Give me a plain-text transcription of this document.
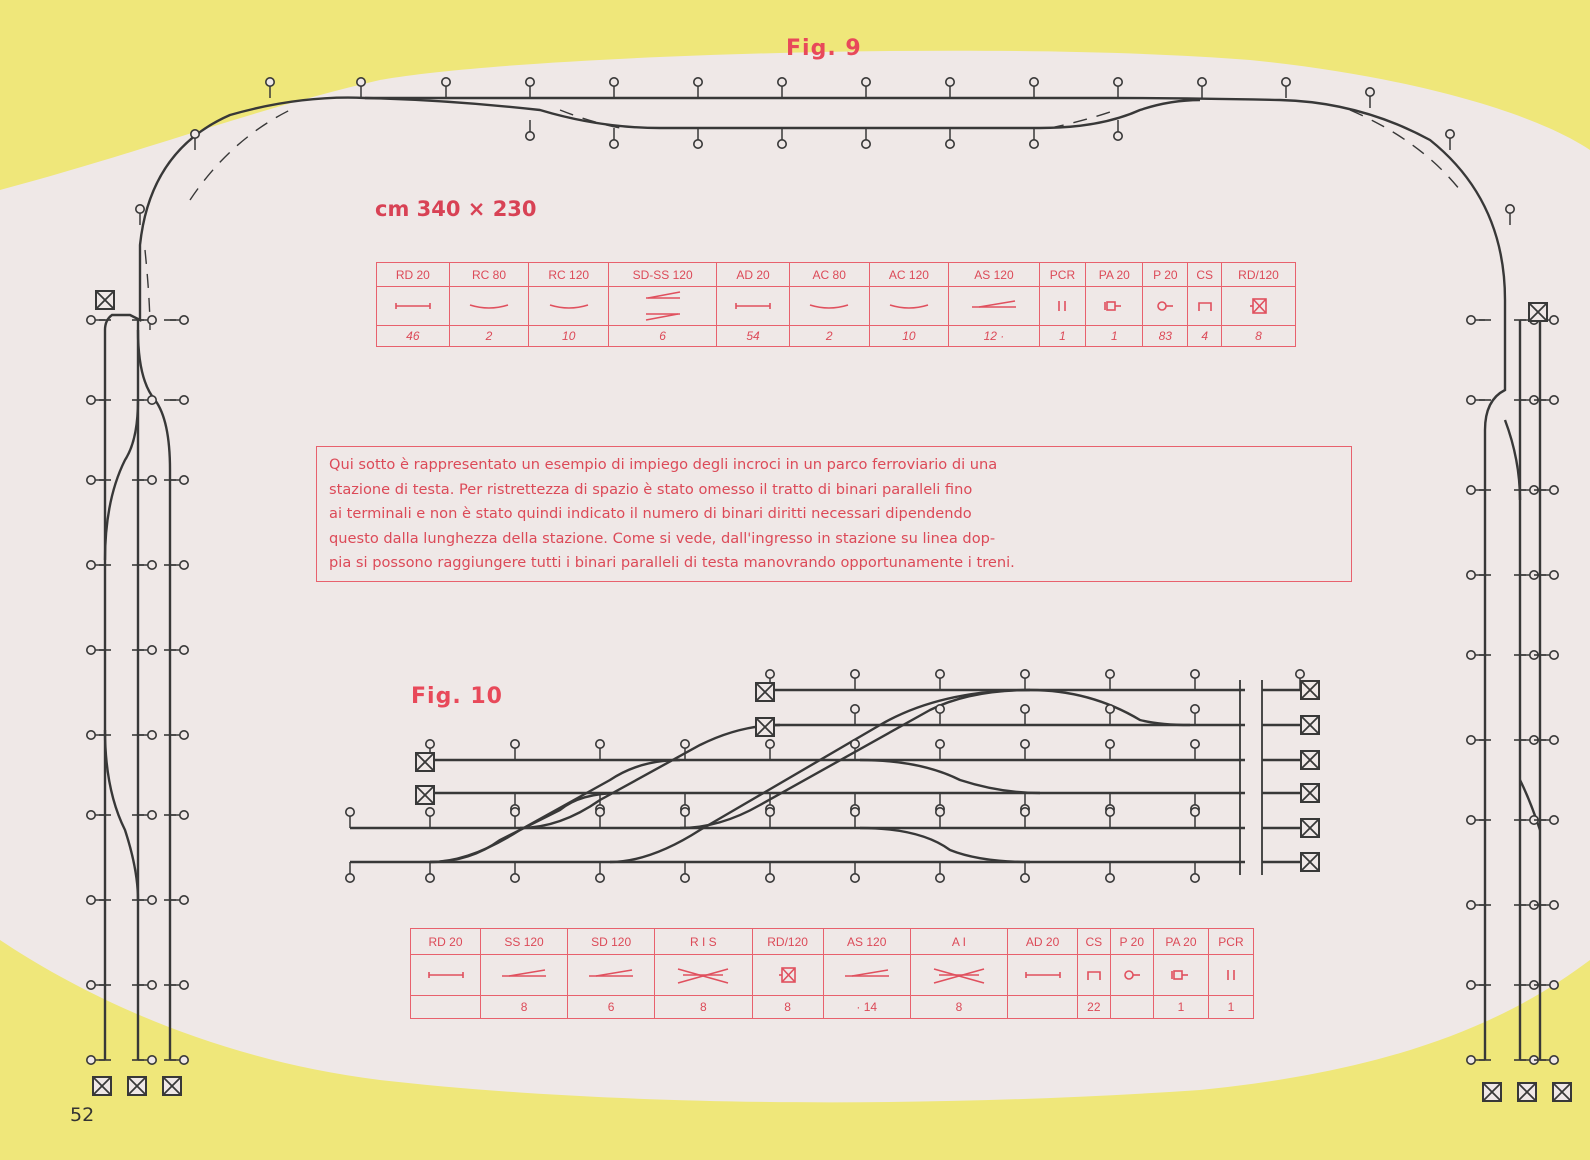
Fig. 9
cm 340 × 230
RD 20	RC 80	RC 120	SD-SS 120	AD 20	AC 80	AC 120	AS 120	PCR	PA 20	P 20	CS	RD/120

46	2	10	6	54	2	10	12 ·	1	1	83	4	8
Qui sotto è rappresentato un esempio di impiego degli incroci in un parco ferroviario di una
stazione di testa. Per ristrettezza di spazio è stato omesso il tratto di binari paralleli fino
ai terminali e non è stato quindi indicato il numero di binari diritti necessari dipendendo
questo dalla lunghezza della stazione. Come si vede, dall'ingresso in stazione su linea dop-
pia si possono raggiungere tutti i binari paralleli di testa manovrando opportunamente i treni.
Fig. 10
RD 20	SS 120	SD 120	R I S	RD/120	AS 120	A I	AD 20	CS	P 20	PA 20	PCR

	8	6	8	8	· 14	8		22		1	1
52
